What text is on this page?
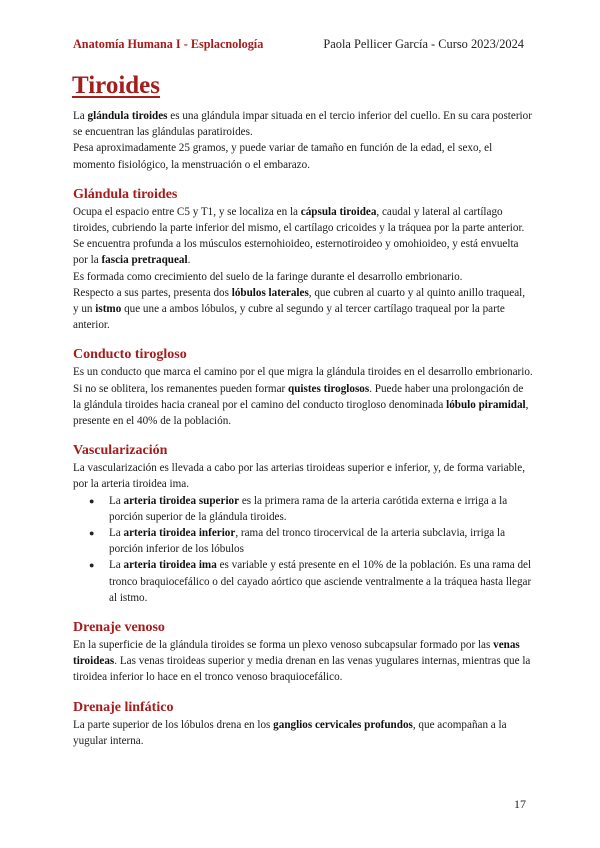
Anatomía Humana I - Esplacnología	Paola Pellicer García - Curso 2023/2024
Tiroides

La glándula tiroides es una glándula impar situada en el tercio inferior del cuello. En su cara posterior se encuentran las glándulas paratiroides.

Pesa aproximadamente 25 gramos, y puede variar de tamaño en función de la edad, el sexo, el momento fisiológico, la menstruación o el embarazo.

Glándula tiroides

Ocupa el espacio entre C5 y T1, y se localiza en la cápsula tiroidea, caudal y lateral al cartílago tiroides, cubriendo la parte inferior del mismo, el cartílago cricoides y la tráquea por la parte anterior. Se encuentra profunda a los músculos esternohioideo, esternotiroideo y omohioideo, y está envuelta por la fascia pretraqueal.

Es formada como crecimiento del suelo de la faringe durante el desarrollo embrionario.

Respecto a sus partes, presenta dos lóbulos laterales, que cubren al cuarto y al quinto anillo traqueal, y un istmo que une a ambos lóbulos, y cubre al segundo y al tercer cartílago traqueal por la parte anterior.

Conducto tirogloso

Es un conducto que marca el camino por el que migra la glándula tiroides en el desarrollo embrionario. Si no se oblitera, los remanentes pueden formar quistes tiroglosos. Puede haber una prolongación de la glándula tiroides hacia craneal por el camino del conducto tirogloso denominada lóbulo piramidal, presente en el 40% de la población.

Vascularización

La vascularización es llevada a cabo por las arterias tiroideas superior e inferior, y, de forma variable, por la arteria tiroidea ima.

● La arteria tiroidea superior es la primera rama de la arteria carótida externa e irriga a la porción superior de la glándula tiroides.
● La arteria tiroidea inferior, rama del tronco tirocervical de la arteria subclavia, irriga la porción inferior de los lóbulos
● La arteria tiroidea ima es variable y está presente en el 10% de la población. Es una rama del tronco braquiocefálico o del cayado aórtico que asciende ventralmente a la tráquea hasta llegar al istmo.
Drenaje venoso

En la superficie de la glándula tiroides se forma un plexo venoso subcapsular formado por las venas tiroideas. Las venas tiroideas superior y media drenan en las venas yugulares internas, mientras que la tiroidea inferior lo hace en el tronco venoso braquiocefálico.

Drenaje linfático

La parte superior de los lóbulos drena en los ganglios cervicales profundos, que acompañan a la yugular interna.

17
